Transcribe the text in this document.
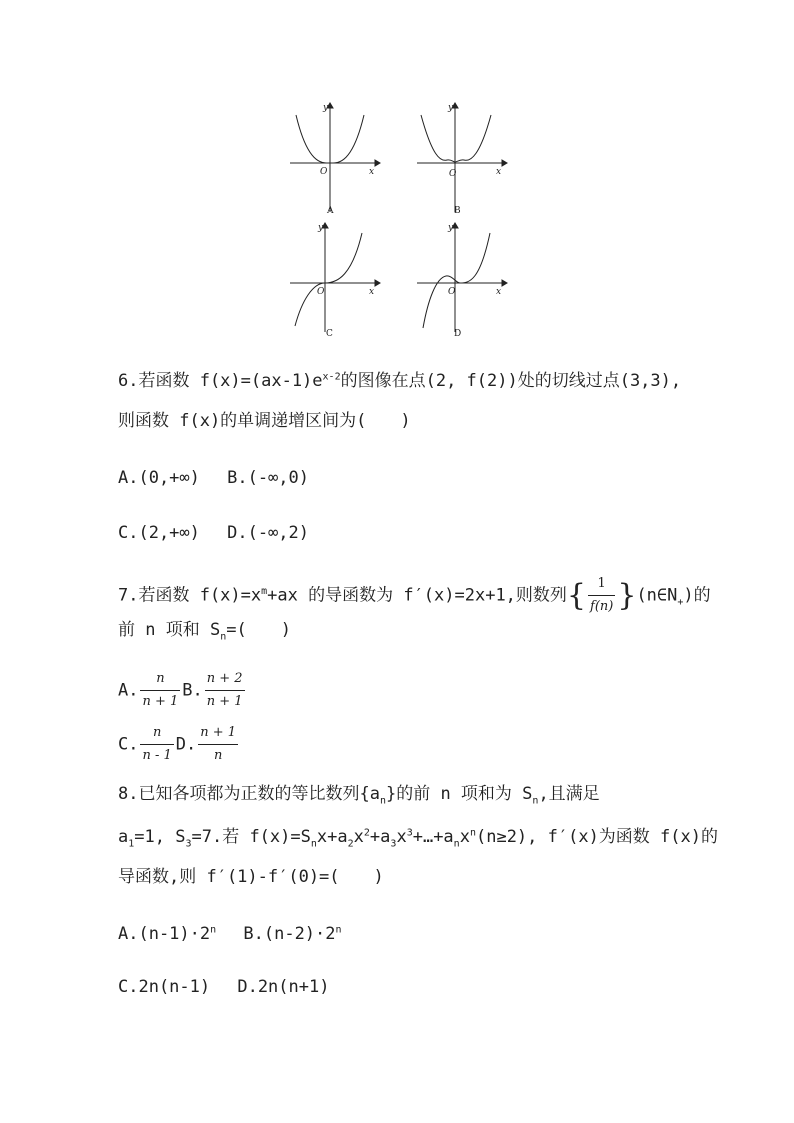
y
x
O
y
x
O
y
x
O
y
x
O
A	B
C	D
6.若函数 $f(x)=(ax-1)e^{x-2}$的图像在点(2, f(2))处的切线过点(3,3),
则函数 f(x)的单调递增区间为(　　)
A.(0,+∞)　 B.(-∞,0)
C.(2,+∞)　 D.(-∞,2)
7.若函数 $f(x)=x^m+ax$ 的导函数为 f′(x)=2x+1,则数列{ $\frac{1}{f(n)}$ }$(n\in N_+)$的
前 n 项和 $S_n=$(　　)
A. $\frac{n}{n + 1} B$. $\frac{n + 2}{n + 1}$
C. $\frac{n}{n - 1} D$. $\frac{n + 1}{n}$
8.已知各项都为正数的等比数列$\{a_n\}$的前 n 项和为 $S_n$,且满足
$a_1=1$, $S_3=7$.若 $f(x)=S_nx+a_2x^2+a_3x^3+\dots+a_nx^n(n\ge 2)$, f′(x)为函数 f(x)的
导函数,则 f′(1)-f′(0)=(　　)
$A.(n-1)\cdot 2^n$　 $B.(n-2)\cdot 2^n$
C.2n(n-1)　 D.2n(n+1)
